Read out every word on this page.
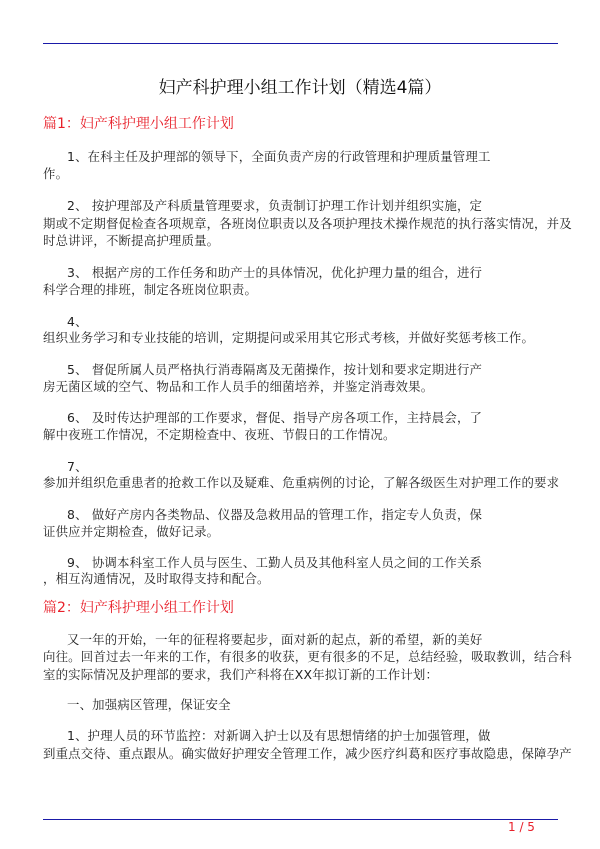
妇产科护理小组工作计划（精选4篇）
篇1：妇产科护理小组工作计划
1、在科主任及护理部的领导下，全面负责产房的行政管理和护理质量管理工
作。
2、 按护理部及产科质量管理要求，负责制订护理工作计划并组织实施，定
期或不定期督促检查各项规章，各班岗位职责以及各项护理技术操作规范的执行落实情况，并及
时总讲评，不断提高护理质量。
3、 根据产房的工作任务和助产士的具体情况，优化护理力量的组合，进行
科学合理的排班，制定各班岗位职责。
4、
组织业务学习和专业技能的培训，定期提问或采用其它形式考核，并做好奖惩考核工作。
5、 督促所属人员严格执行消毒隔离及无菌操作，按计划和要求定期进行产
房无菌区域的空气、物品和工作人员手的细菌培养，并鉴定消毒效果。
6、 及时传达护理部的工作要求，督促、指导产房各项工作，主持晨会，了
解中夜班工作情况，不定期检查中、夜班、节假日的工作情况。
7、
参加并组织危重患者的抢救工作以及疑难、危重病例的讨论，了解各级医生对护理工作的要求
8、 做好产房内各类物品、仪器及急救用品的管理工作，指定专人负责，保
证供应并定期检查，做好记录。
9、 协调本科室工作人员与医生、工勤人员及其他科室人员之间的工作关系
，相互沟通情况，及时取得支持和配合。
篇2：妇产科护理小组工作计划
又一年的开始，一年的征程将要起步，面对新的起点，新的希望，新的美好
向往。回首过去一年来的工作，有很多的收获，更有很多的不足，总结经验，吸取教训，结合科
室的实际情况及护理部的要求，我们产科将在XX年拟订新的工作计划：
一、加强病区管理，保证安全
1、护理人员的环节监控：对新调入护士以及有思想情绪的护士加强管理，做
到重点交待、重点跟从。确实做好护理安全管理工作，减少医疗纠葛和医疗事故隐患，保障孕产
1 / 5
